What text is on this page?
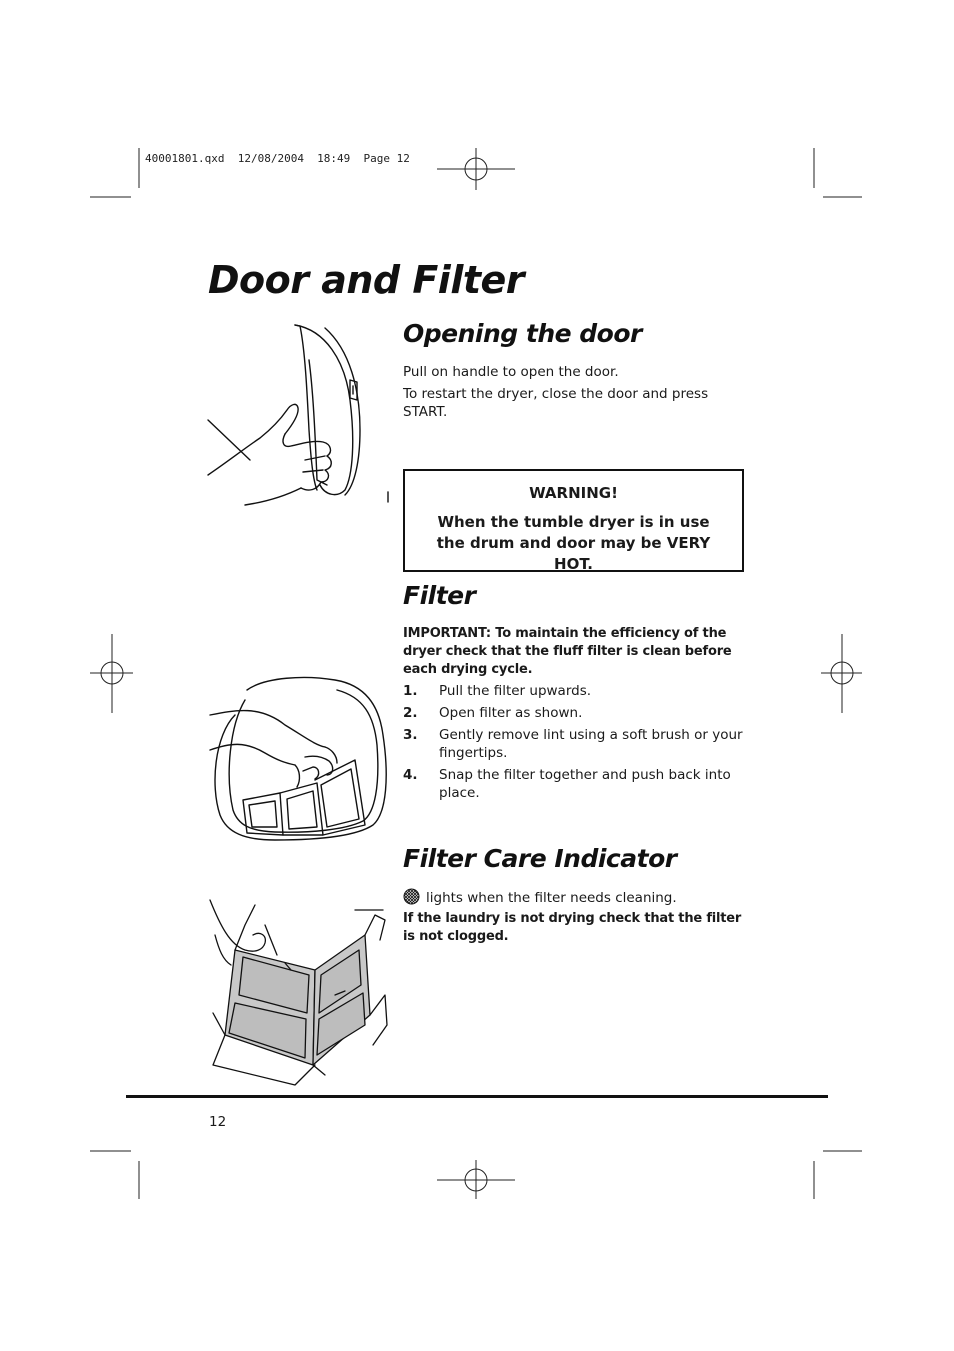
40001801.qxd  12/08/2004  18:49  Page 12
Door and Filter
Opening the door
Pull on handle to open the door.
To restart the dryer, close the door and press START.
WARNING!
When the tumble dryer is in use the drum and door may be VERY HOT.
Filter
IMPORTANT: To maintain the efficiency of the dryer check that the fluff filter is clean before each drying cycle.
1. Pull the filter upwards.
2. Open filter as shown.
3. Gently remove lint using a soft brush or your fingertips.
4. Snap the filter together and push back into place.
Filter Care Indicator
lights when the filter needs cleaning.
If the laundry is not drying check that the filter is not clogged.
12
